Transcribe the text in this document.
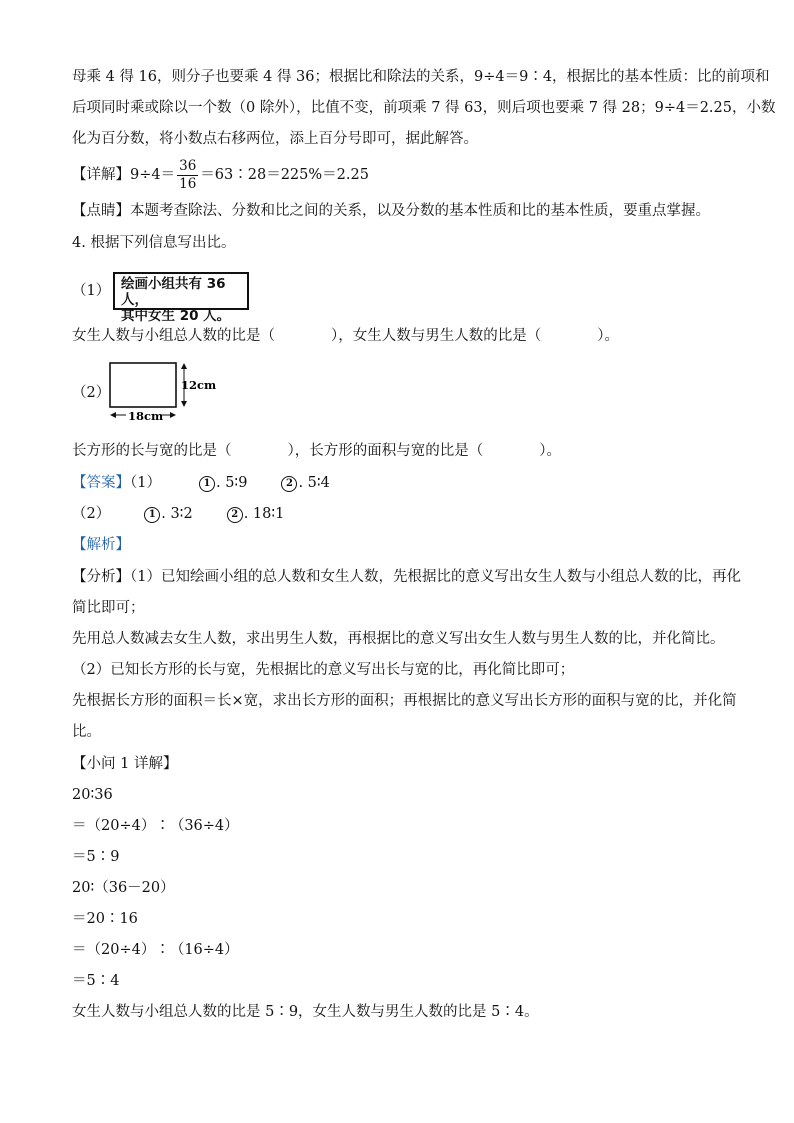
母乘 4 得 16，则分子也要乘 4 得 36；根据比和除法的关系，9÷4＝9∶4，根据比的基本性质：比的前项和
后项同时乘或除以一个数（0 除外），比值不变，前项乘 7 得 63，则后项也要乘 7 得 28；9÷4＝2.25，小数
化为百分数，将小数点右移两位，添上百分号即可，据此解答。
【详解】$9\div 4= \frac{36}{16}$ ＝63∶28＝225%＝2.25
【点睛】本题考查除法、分数和比之间的关系，以及分数的基本性质和比的基本性质，要重点掌握。
4. 根据下列信息写出比。
（1） 绘画小组共有 36 人，
其中女生 20 人。
女生人数与小组总人数的比是（	），女生人数与男生人数的比是（	）。
（2）	12cm
18cm
长方形的长与宽的比是（	），长方形的面积与宽的比是（	）。
【答案】（1）	1 . 5∶9	2 . 5∶4
（2）	1 . 3∶2	2 . 18∶1
【解析】
【分析】（1）已知绘画小组的总人数和女生人数，先根据比的意义写出女生人数与小组总人数的比，再化
简比即可；
先用总人数减去女生人数，求出男生人数，再根据比的意义写出女生人数与男生人数的比，并化简比。
（2）已知长方形的长与宽，先根据比的意义写出长与宽的比，再化简比即可；
先根据长方形的面积＝长×宽，求出长方形的面积；再根据比的意义写出长方形的面积与宽的比，并化简
比。
【小问 1 详解】
20∶36
＝（20÷4）∶（36÷4）
＝5∶9
20∶（36－20）
＝20∶16
＝（20÷4）∶（16÷4）
＝5∶4
女生人数与小组总人数的比是 5∶9，女生人数与男生人数的比是 5∶4。
